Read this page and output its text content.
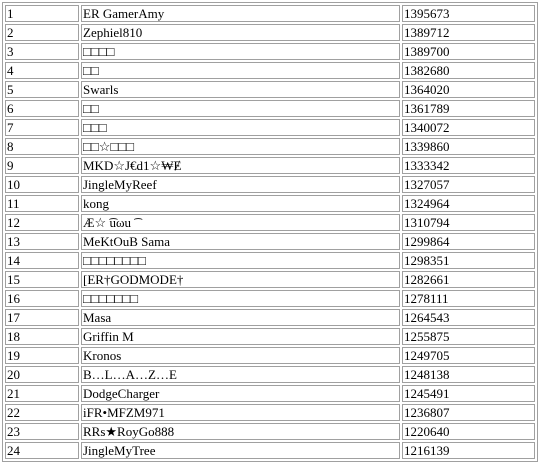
1	ER GamerAmy	1395673
2	Zephiel810	1389712
3	□□□□	1389700
4	□□	1382680
5	Swarls	1364020
6	□□	1361789
7	□□□	1340072
8	□□☆□□□	1339860
9	MKD☆J€d1☆₩Ɇ	1333342
10	JingleMyReef	1327057
11	kong	1324964
12	Æ☆ ͡uωu ͡	1310794
13	MeKtOuB Sama	1299864
14	□□□□□□□□	1298351
15	[ER†GODMODE†	1282661
16	□□□□□□□	1278111
17	Masa	1264543
18	Griffin M	1255875
19	Kronos	1249705
20	B…L…A…Z…E	1248138
21	DodgeCharger	1245491
22	iFR•MFZM971	1236807
23	RRs★RoyGo888	1220640
24	JingleMyTree	1216139
